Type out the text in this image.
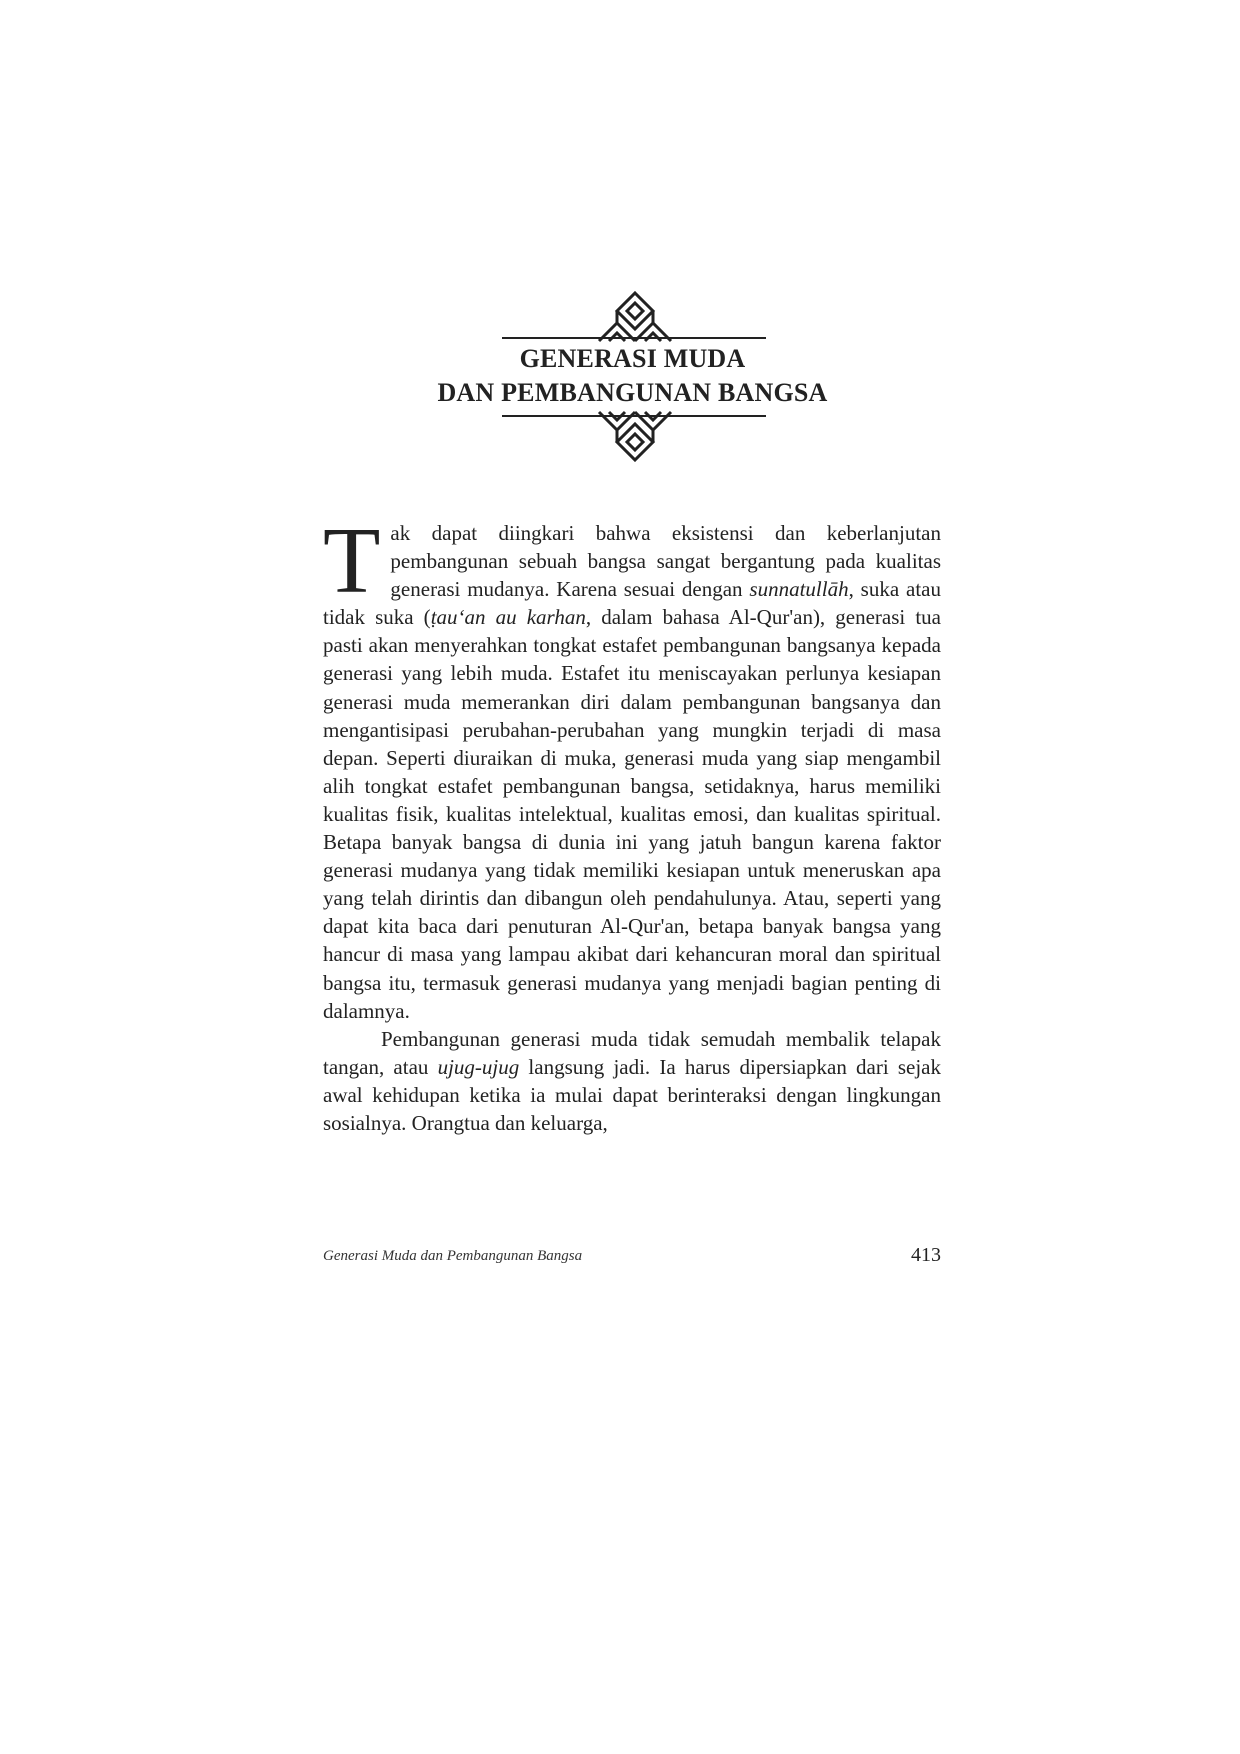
GENERASI MUDA
DAN PEMBANGUNAN BANGSA

Tak dapat diingkari bahwa eksistensi dan keberlanjutan pembangunan sebuah bangsa sangat bergantung pada kualitas generasi mudanya. Karena sesuai dengan sunnatullāh, suka atau tidak suka (ṭau‘an au karhan, dalam bahasa Al-Qur'an), generasi tua pasti akan menyerahkan tongkat estafet pembangunan bangsanya kepada generasi yang lebih muda. Estafet itu meniscayakan perlunya kesiapan generasi muda memerankan diri dalam pembangunan bangsanya dan mengantisipasi perubahan-perubahan yang mungkin terjadi di masa depan. Seperti diuraikan di muka, generasi muda yang siap mengambil alih tongkat estafet pembangunan bangsa, setidaknya, harus memiliki kualitas fisik, kualitas intelektual, kualitas emosi, dan kualitas spiritual. Betapa banyak bangsa di dunia ini yang jatuh bangun karena faktor generasi mudanya yang tidak memiliki kesiapan untuk meneruskan apa yang telah dirintis dan dibangun oleh pendahulunya. Atau, seperti yang dapat kita baca dari penuturan Al-Qur'an, betapa banyak bangsa yang hancur di masa yang lampau akibat dari kehancuran moral dan spiritual bangsa itu, termasuk generasi mudanya yang menjadi bagian penting di dalamnya.

Pembangunan generasi muda tidak semudah membalik telapak tangan, atau ujug-ujug langsung jadi. Ia harus dipersiapkan dari sejak awal kehidupan ketika ia mulai dapat berinteraksi dengan lingkungan sosialnya. Orangtua dan keluarga,

Generasi Muda dan Pembangunan Bangsa	413
